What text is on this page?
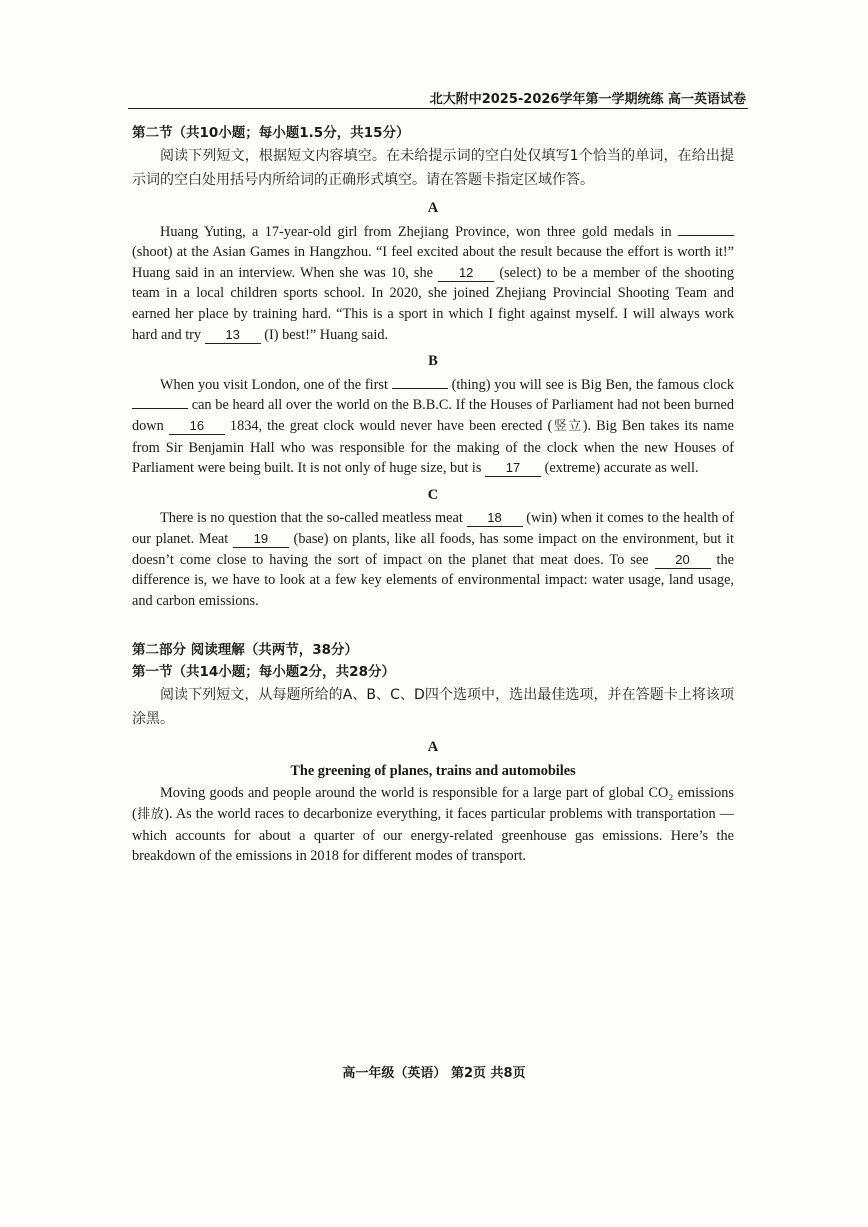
北大附中2025-2026学年第一学期统练 高一英语试卷
第二节（共10小题；每小题1.5分，共15分）
阅读下列短文，根据短文内容填空。在未给提示词的空白处仅填写1个恰当的单词，在给出提示词的空白处用括号内所给词的正确形式填空。请在答题卡指定区域作答。
A

Huang Yuting, a 17-year-old girl from Zhejiang Province, won three gold medals in  (shoot) at the Asian Games in Hangzhou. “I feel excited about the result because the effort is worth it!” Huang said in an interview. When she was 10, she 12 (select) to be a member of the shooting team in a local children sports school. In 2020, she joined Zhejiang Provincial Shooting Team and earned her place by training hard. “This is a sport in which I fight against myself. I will always work hard and try 13 (I) best!” Huang said.

B

When you visit London, one of the first	(thing) you will see is Big Ben, the famous clock  can be heard all over the world on the B.B.C. If the Houses of Parliament had not been burned down 16 1834, the great clock would never have been erected (竖立). Big Ben takes its name from Sir Benjamin Hall who was responsible for the making of the clock when the new Houses of Parliament were being built. It is not only of huge size, but is 17 (extreme) accurate as well.

C

There is no question that the so-called meatless meat 18 (win) when it comes to the health of our planet. Meat 19 (base) on plants, like all foods, has some impact on the environment, but it doesn’t come close to having the sort of impact on the planet that meat does. To see 20 the difference is, we have to look at a few key elements of environmental impact: water usage, land usage, and carbon emissions.

第二部分 阅读理解（共两节，38分）
第一节（共14小题；每小题2分，共28分）
阅读下列短文，从每题所给的A、B、C、D四个选项中，选出最佳选项，并在答题卡上将该项涂黑。
A
The greening of planes, trains and automobiles

Moving goods and people around the world is responsible for a large part of global CO₂ emissions (排放). As the world races to decarbonize everything, it faces particular problems with transportation — which accounts for about a quarter of our energy-related greenhouse gas emissions. Here’s the breakdown of the emissions in 2018 for different modes of transport.

高一年级（英语） 第2页 共8页
